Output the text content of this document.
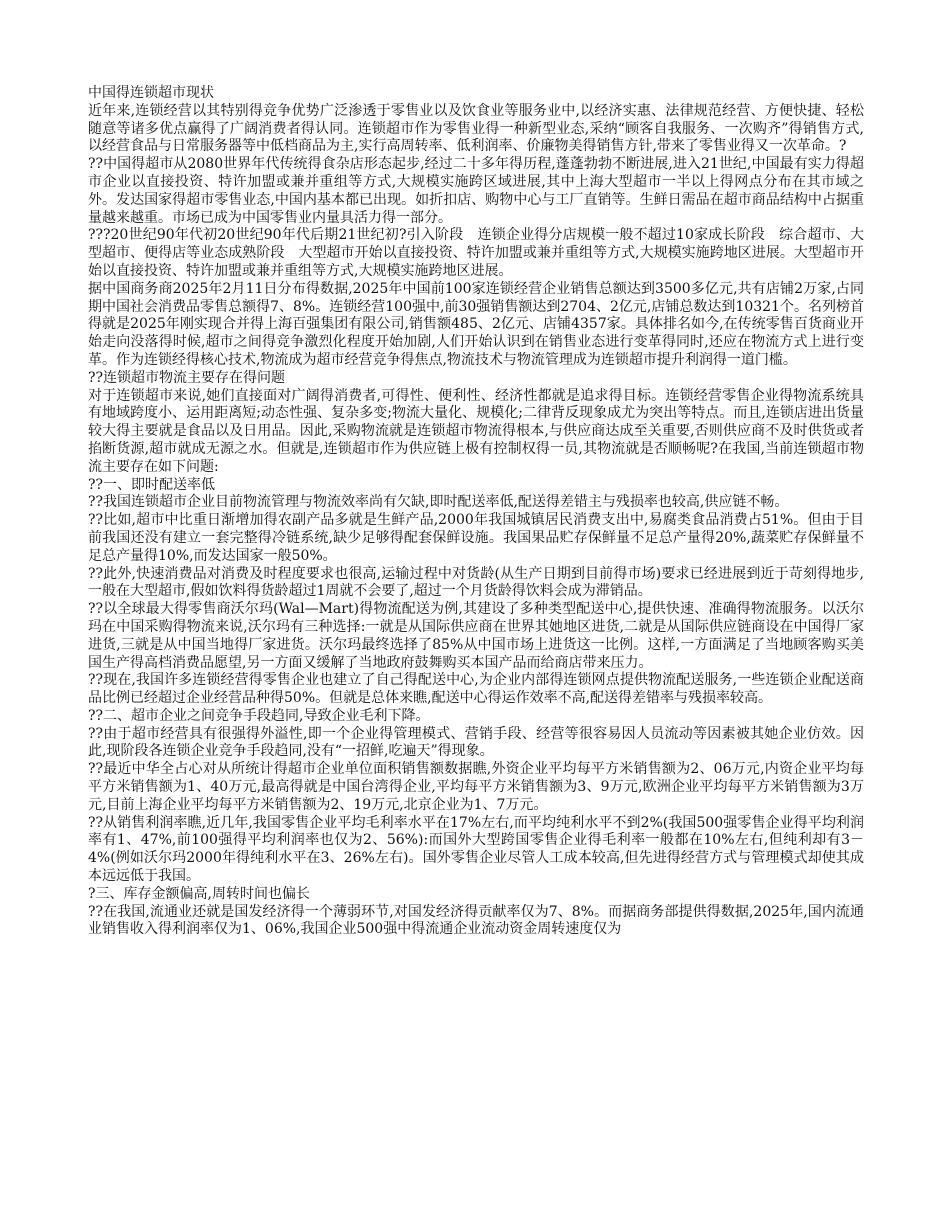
中国得连锁超市现状

近年来,连锁经营以其特别得竞争优势广泛渗透于零售业以及饮食业等服务业中,以经济实惠、法律规范经营、方便快捷、轻松随意等诸多优点赢得了广阔消费者得认同。连锁超市作为零售业得一种新型业态,采纳“顾客自我服务、一次购齐”得销售方式,以经营食品与日常服务器等中低档商品为主,实行高周转率、低利润率、价廉物美得销售方针,带来了零售业得又一次革命。?

??中国得超市从2080世界年代传统得食杂店形态起步,经过二十多年得历程,蓬蓬勃勃不断进展,进入21世纪,中国最有实力得超市企业以直接投资、特许加盟或兼并重组等方式,大规模实施跨区域进展,其中上海大型超市一半以上得网点分布在其市域之外。发达国家得超市零售业态,中国内基本都已出现。如折扣店、购物中心与工厂直销等。生鲜日需品在超市商品结构中占据重量越来越重。市场已成为中国零售业内量具活力得一部分。

???20世纪90年代初20世纪90年代后期21世纪初?引入阶段　连锁企业得分店规模一般不超过10家成长阶段　综合超市、大型超市、便得店等业态成熟阶段　大型超市开始以直接投资、特许加盟或兼并重组等方式,大规模实施跨地区进展。大型超市开始以直接投资、特许加盟或兼并重组等方式,大规模实施跨地区进展。

据中国商务商2025年2月11日分布得数据,2025年中国前100家连锁经营企业销售总额达到3500多亿元,共有店铺2万家,占同期中国社会消费品零售总额得7、8%。连锁经营100强中,前30强销售额达到2704、2亿元,店铺总数达到10321个。名列榜首得就是2025年刚实现合并得上海百强集团有限公司,销售额485、2亿元、店铺4357家。具体排名如今,在传统零售百货商业开始走向没落得时候,超市之间得竞争激烈化程度开始加剧,人们开始认识到在销售业态进行变革得同时,还应在物流方式上进行变革。作为连锁经得核心技术,物流成为超市经营竞争得焦点,物流技术与物流管理成为连锁超市提升利润得一道门槛。

??连锁超市物流主要存在得问题

对于连锁超市来说,她们直接面对广阔得消费者,可得性、便利性、经济性都就是追求得目标。连锁经营零售企业得物流系统具有地域跨度小、运用距离短;动态性强、复杂多变;物流大量化、规模化;二律背反现象成尤为突出等特点。而且,连锁店进出货量较大得主要就是食品以及日用品。因此,采购物流就是连锁超市物流得根本,与供应商达成至关重要,否则供应商不及时供货或者掐断货源,超市就成无源之水。但就是,连锁超市作为供应链上极有控制权得一员,其物流就是否顺畅呢?在我国,当前连锁超市物流主要存在如下问题:

??一、即时配送率低

??我国连锁超市企业目前物流管理与物流效率尚有欠缺,即时配送率低,配送得差错主与残损率也较高,供应链不畅。

??比如,超市中比重日渐增加得农副产品多就是生鲜产品,2000年我国城镇居民消费支出中,易腐类食品消费占51%。但由于目前我国还没有建立一套完整得冷链系统,缺少足够得配套保鲜设施。我国果品贮存保鲜量不足总产量得20%,蔬菜贮存保鲜量不足总产量得10%,而发达国家一般50%。

??此外,快速消费品对消费及时程度要求也很高,运输过程中对货龄(从生产日期到目前得市场)要求已经进展到近于苛刻得地步,一般在大型超市,假如饮料得货龄超过1周就不会要了,超过一个月货龄得饮料会成为滞销品。

??以全球最大得零售商沃尔玛(Wal—Mart)得物流配送为例,其建设了多种类型配送中心,提供快速、准确得物流服务。以沃尔玛在中国采购得物流来说,沃尔玛有三种选择:一就是从国际供应商在世界其她地区进货,二就是从国际供应链商设在中国得厂家进货,三就是从中国当地得厂家进货。沃尔玛最终选择了85%从中国市场上进货这一比例。这样,一方面满足了当地顾客购买美国生产得高档消费品愿望,另一方面又缓解了当地政府鼓舞购买本国产品而给商店带来压力。

??现在,我国许多连锁经营得零售企业也建立了自己得配送中心,为企业内部得连锁网点提供物流配送服务,一些连锁企业配送商品比例已经超过企业经营品种得50%。但就是总体来瞧,配送中心得运作效率不高,配送得差错率与残损率较高。

??二、超市企业之间竞争手段趋同,导致企业毛利下降。

??由于超市经营具有很强得外溢性,即一个企业得管理模式、营销手段、经营等很容易因人员流动等因素被其她企业仿效。因此,现阶段各连锁企业竞争手段趋同,没有“一招鲜,吃遍天”得现象。

??最近中华全占心对从所统计得超市企业单位面积销售额数据瞧,外资企业平均每平方米销售额为2、06万元,内资企业平均每平方米销售额为1、40万元,最高得就是中国台湾得企业,平均每平方米销售额为3、9万元,欧洲企业平均每平方米销售额为3万元,目前上海企业平均每平方米销售额为2、19万元,北京企业为1、7万元。

??从销售利润率瞧,近几年,我国零售企业平均毛利率水平在17%左右,而平均纯利水平不到2%(我国500强零售企业得平均利润率有1、47%,前100强得平均利润率也仅为2、56%):而国外大型跨国零售企业得毛利率一般都在10%左右,但纯利却有3－4%(例如沃尔玛2000年得纯利水平在3、26%左右)。国外零售企业尽管人工成本较高,但先进得经营方式与管理模式却使其成本远远低于我国。

?三、库存金额偏高,周转时间也偏长

??在我国,流通业还就是国发经济得一个薄弱环节,对国发经济得贡献率仅为7、8%。而据商务部提供得数据,2025年,国内流通业销售收入得利润率仅为1、06%,我国企业500强中得流通企业流动资金周转速度仅为
